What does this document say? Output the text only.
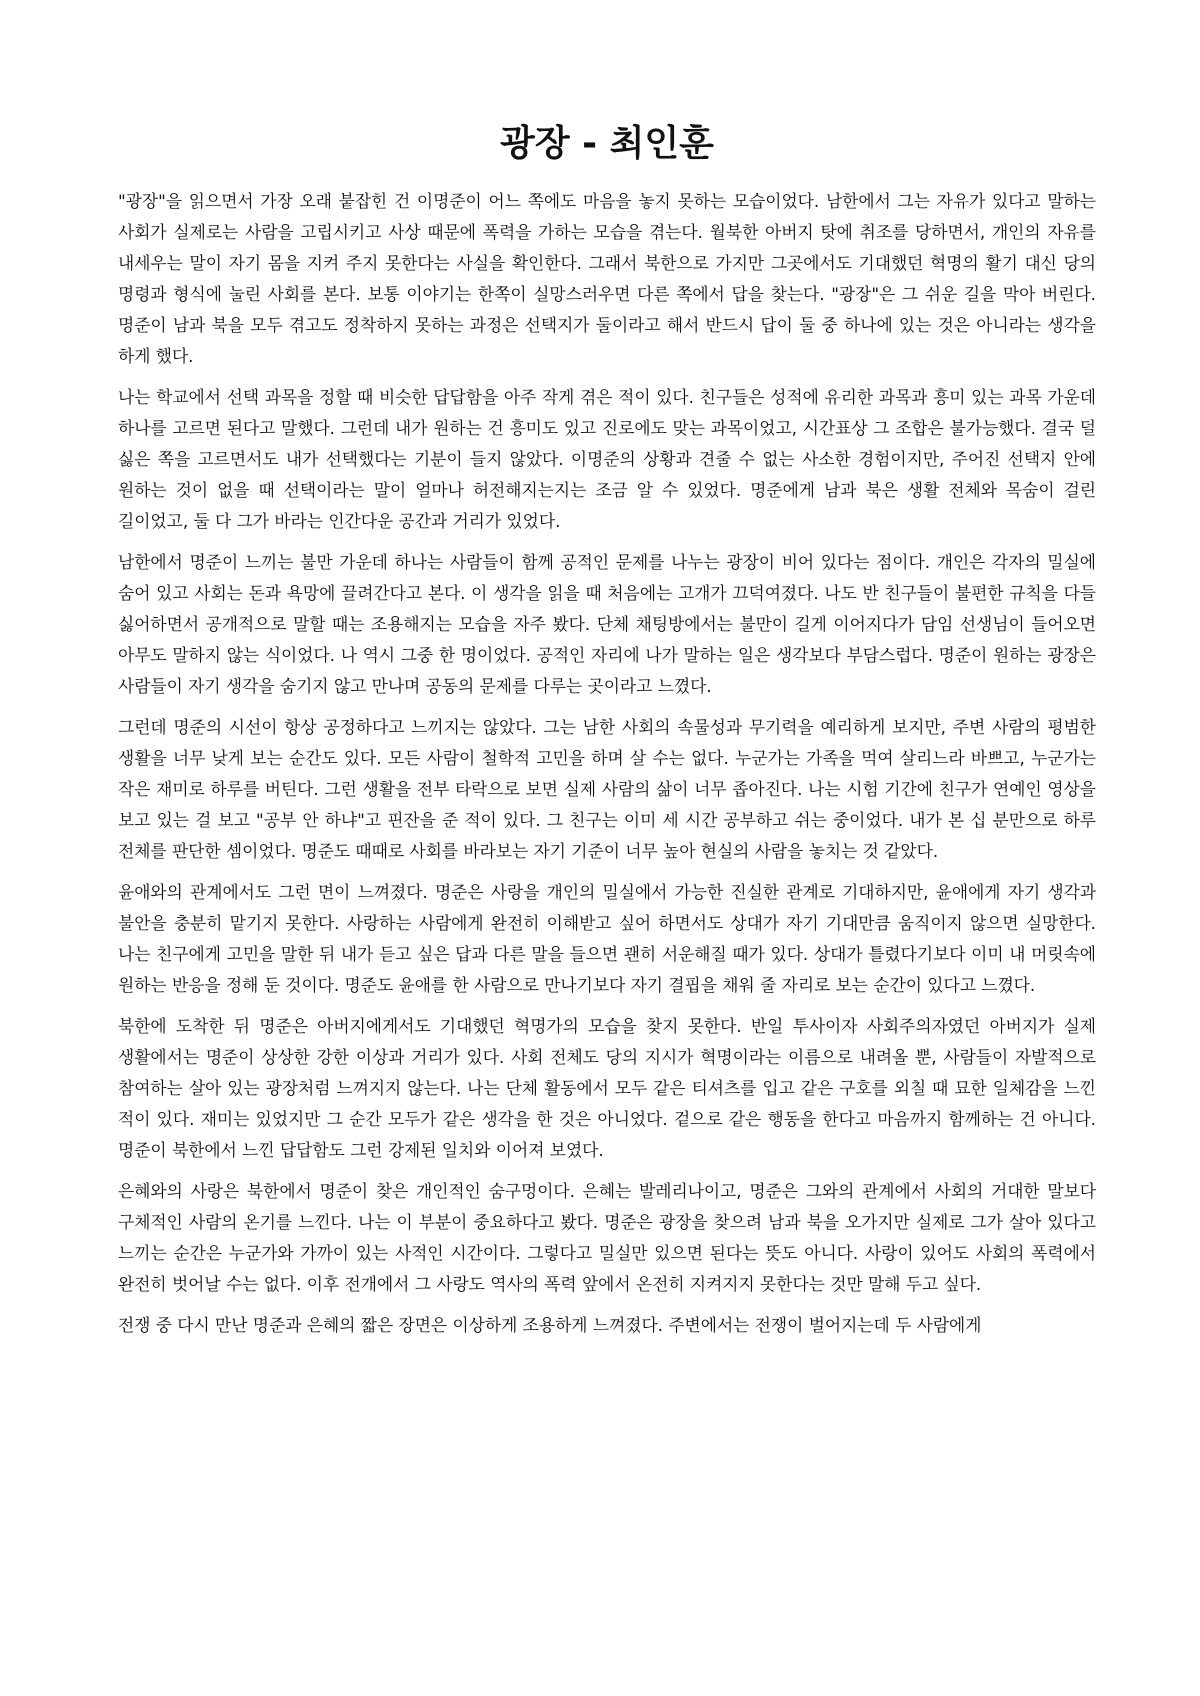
광장 - 최인훈

"광장"을 읽으면서 가장 오래 붙잡힌 건 이명준이 어느 쪽에도 마음을 놓지 못하는 모습이었다. 남한에서 그는 자유가 있다고 말하는 사회가 실제로는 사람을 고립시키고 사상 때문에 폭력을 가하는 모습을 겪는다. 월북한 아버지 탓에 취조를 당하면서, 개인의 자유를 내세우는 말이 자기 몸을 지켜 주지 못한다는 사실을 확인한다. 그래서 북한으로 가지만 그곳에서도 기대했던 혁명의 활기 대신 당의 명령과 형식에 눌린 사회를 본다. 보통 이야기는 한쪽이 실망스러우면 다른 쪽에서 답을 찾는다. "광장"은 그 쉬운 길을 막아 버린다. 명준이 남과 북을 모두 겪고도 정착하지 못하는 과정은 선택지가 둘이라고 해서 반드시 답이 둘 중 하나에 있는 것은 아니라는 생각을 하게 했다.

나는 학교에서 선택 과목을 정할 때 비슷한 답답함을 아주 작게 겪은 적이 있다. 친구들은 성적에 유리한 과목과 흥미 있는 과목 가운데 하나를 고르면 된다고 말했다. 그런데 내가 원하는 건 흥미도 있고 진로에도 맞는 과목이었고, 시간표상 그 조합은 불가능했다. 결국 덜 싫은 쪽을 고르면서도 내가 선택했다는 기분이 들지 않았다. 이명준의 상황과 견줄 수 없는 사소한 경험이지만, 주어진 선택지 안에 원하는 것이 없을 때 선택이라는 말이 얼마나 허전해지는지는 조금 알 수 있었다. 명준에게 남과 북은 생활 전체와 목숨이 걸린 길이었고, 둘 다 그가 바라는 인간다운 공간과 거리가 있었다.

남한에서 명준이 느끼는 불만 가운데 하나는 사람들이 함께 공적인 문제를 나누는 광장이 비어 있다는 점이다. 개인은 각자의 밀실에 숨어 있고 사회는 돈과 욕망에 끌려간다고 본다. 이 생각을 읽을 때 처음에는 고개가 끄덕여졌다. 나도 반 친구들이 불편한 규칙을 다들 싫어하면서 공개적으로 말할 때는 조용해지는 모습을 자주 봤다. 단체 채팅방에서는 불만이 길게 이어지다가 담임 선생님이 들어오면 아무도 말하지 않는 식이었다. 나 역시 그중 한 명이었다. 공적인 자리에 나가 말하는 일은 생각보다 부담스럽다. 명준이 원하는 광장은 사람들이 자기 생각을 숨기지 않고 만나며 공동의 문제를 다루는 곳이라고 느꼈다.

그런데 명준의 시선이 항상 공정하다고 느끼지는 않았다. 그는 남한 사회의 속물성과 무기력을 예리하게 보지만, 주변 사람의 평범한 생활을 너무 낮게 보는 순간도 있다. 모든 사람이 철학적 고민을 하며 살 수는 없다. 누군가는 가족을 먹여 살리느라 바쁘고, 누군가는 작은 재미로 하루를 버틴다. 그런 생활을 전부 타락으로 보면 실제 사람의 삶이 너무 좁아진다. 나는 시험 기간에 친구가 연예인 영상을 보고 있는 걸 보고 "공부 안 하냐"고 핀잔을 준 적이 있다. 그 친구는 이미 세 시간 공부하고 쉬는 중이었다. 내가 본 십 분만으로 하루 전체를 판단한 셈이었다. 명준도 때때로 사회를 바라보는 자기 기준이 너무 높아 현실의 사람을 놓치는 것 같았다.

윤애와의 관계에서도 그런 면이 느껴졌다. 명준은 사랑을 개인의 밀실에서 가능한 진실한 관계로 기대하지만, 윤애에게 자기 생각과 불안을 충분히 맡기지 못한다. 사랑하는 사람에게 완전히 이해받고 싶어 하면서도 상대가 자기 기대만큼 움직이지 않으면 실망한다. 나는 친구에게 고민을 말한 뒤 내가 듣고 싶은 답과 다른 말을 들으면 괜히 서운해질 때가 있다. 상대가 틀렸다기보다 이미 내 머릿속에 원하는 반응을 정해 둔 것이다. 명준도 윤애를 한 사람으로 만나기보다 자기 결핍을 채워 줄 자리로 보는 순간이 있다고 느꼈다.

북한에 도착한 뒤 명준은 아버지에게서도 기대했던 혁명가의 모습을 찾지 못한다. 반일 투사이자 사회주의자였던 아버지가 실제 생활에서는 명준이 상상한 강한 이상과 거리가 있다. 사회 전체도 당의 지시가 혁명이라는 이름으로 내려올 뿐, 사람들이 자발적으로 참여하는 살아 있는 광장처럼 느껴지지 않는다. 나는 단체 활동에서 모두 같은 티셔츠를 입고 같은 구호를 외칠 때 묘한 일체감을 느낀 적이 있다. 재미는 있었지만 그 순간 모두가 같은 생각을 한 것은 아니었다. 겉으로 같은 행동을 한다고 마음까지 함께하는 건 아니다. 명준이 북한에서 느낀 답답함도 그런 강제된 일치와 이어져 보였다.

은혜와의 사랑은 북한에서 명준이 찾은 개인적인 숨구멍이다. 은혜는 발레리나이고, 명준은 그와의 관계에서 사회의 거대한 말보다 구체적인 사람의 온기를 느낀다. 나는 이 부분이 중요하다고 봤다. 명준은 광장을 찾으려 남과 북을 오가지만 실제로 그가 살아 있다고 느끼는 순간은 누군가와 가까이 있는 사적인 시간이다. 그렇다고 밀실만 있으면 된다는 뜻도 아니다. 사랑이 있어도 사회의 폭력에서 완전히 벗어날 수는 없다. 이후 전개에서 그 사랑도 역사의 폭력 앞에서 온전히 지켜지지 못한다는 것만 말해 두고 싶다.

전쟁 중 다시 만난 명준과 은혜의 짧은 장면은 이상하게 조용하게 느껴졌다. 주변에서는 전쟁이 벌어지는데 두 사람에게
